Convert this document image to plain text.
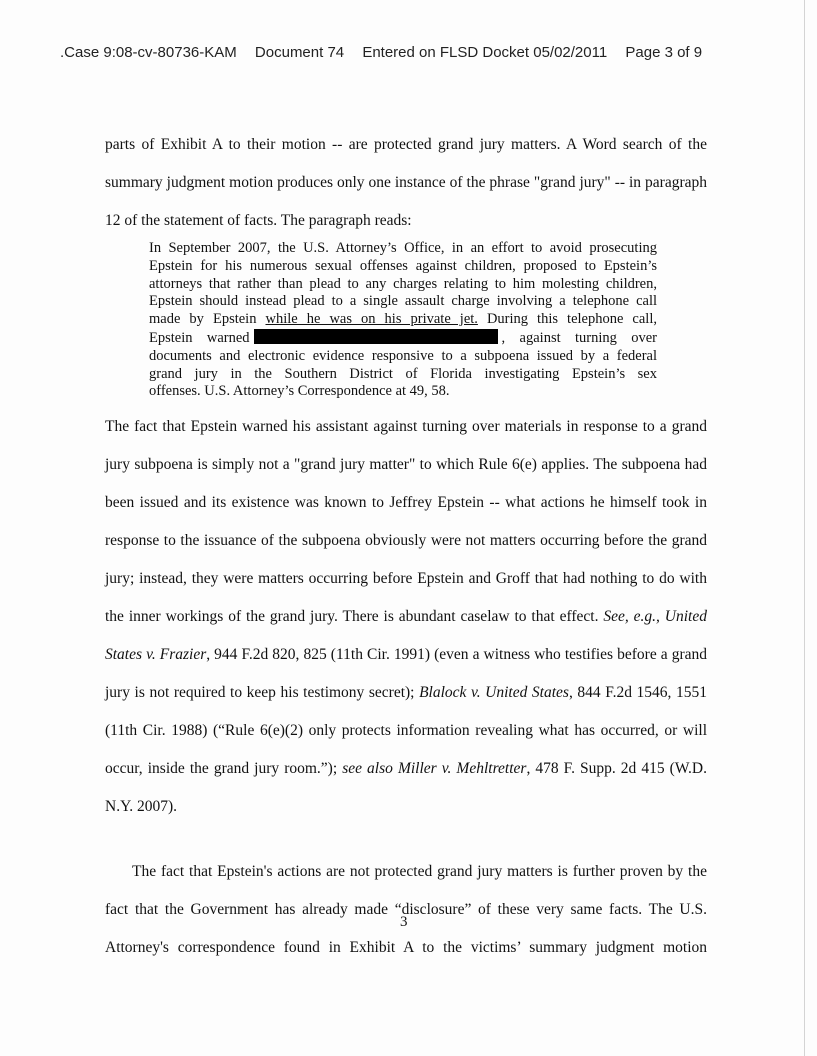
.Case 9:08-cv-80736-KAM Document 74 Entered on FLSD Docket 05/02/2011 Page 3 of 9
parts of Exhibit A to their motion -- are protected grand jury matters. A Word search of the
summary judgment motion produces only one instance of the phrase "grand jury" -- in paragraph
12 of the statement of facts. The paragraph reads:
In September 2007, the U.S. Attorney’s Office, in an effort to avoid prosecuting
Epstein for his numerous sexual offenses against children, proposed to Epstein’s
attorneys that rather than plead to any charges relating to him molesting children,
Epstein should instead plead to a single assault charge involving a telephone call
made by Epstein while he was on his private jet. During this telephone call,
Epstein warned	, against turning over
documents and electronic evidence responsive to a subpoena issued by a federal
grand jury in the Southern District of Florida investigating Epstein’s sex
offenses. U.S. Attorney’s Correspondence at 49, 58.
The fact that Epstein warned his assistant against turning over materials in response to a grand
jury subpoena is simply not a "grand jury matter" to which Rule 6(e) applies. The subpoena had
been issued and its existence was known to Jeffrey Epstein -- what actions he himself took in
response to the issuance of the subpoena obviously were not matters occurring before the grand
jury; instead, they were matters occurring before Epstein and Groff that had nothing to do with
the inner workings of the grand jury. There is abundant caselaw to that effect. See, e.g., United
States v. Frazier, 944 F.2d 820, 825 (11th Cir. 1991) (even a witness who testifies before a grand
jury is not required to keep his testimony secret); Blalock v. United States, 844 F.2d 1546, 1551
(11th Cir. 1988) (“Rule 6(e)(2) only protects information revealing what has occurred, or will
occur, inside the grand jury room.”); see also Miller v. Mehltretter, 478 F. Supp. 2d 415 (W.D.
N.Y. 2007).
The fact that Epstein's actions are not protected grand jury matters is further proven by the
fact that the Government has already made “disclosure” of these very same facts. The U.S.
Attorney's correspondence found in Exhibit A to the victims’ summary judgment motion
3
